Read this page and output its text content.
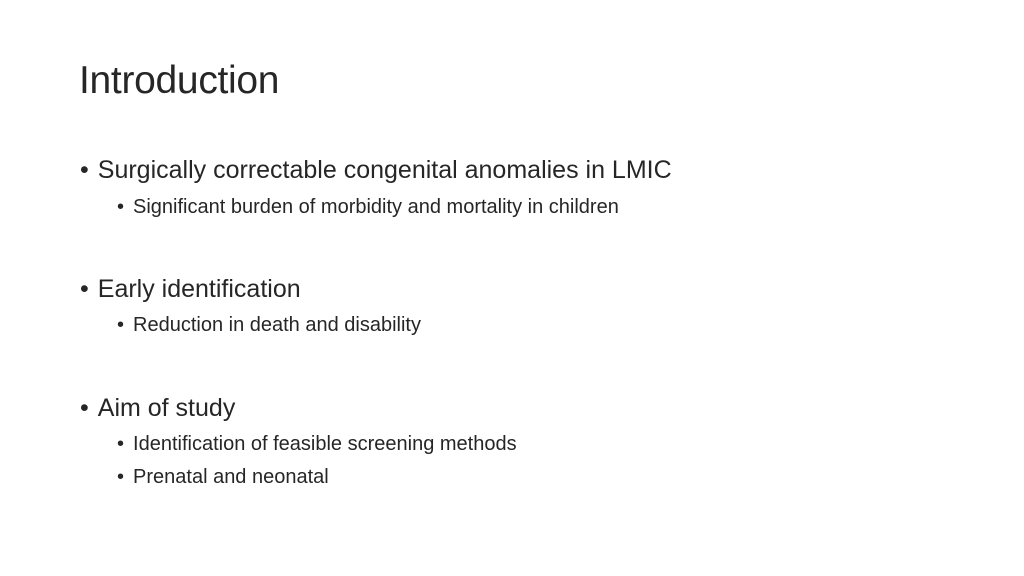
Introduction
• Surgically correctable congenital anomalies in LMIC
• Significant burden of morbidity and mortality in children
• Early identification
• Reduction in death and disability
• Aim of study
• Identification of feasible screening methods
• Prenatal and neonatal
